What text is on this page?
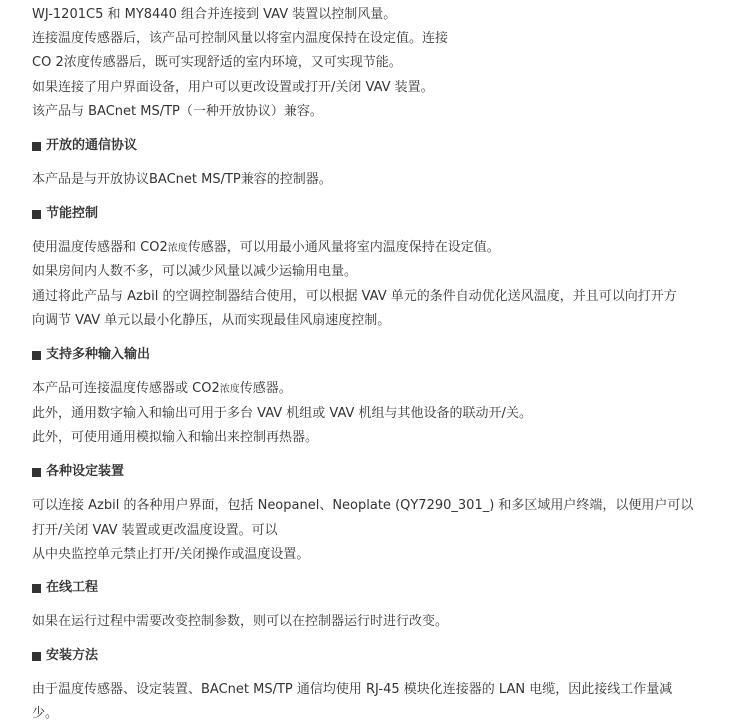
WJ-1201C5 和 MY8440 组合并连接到 VAV 装置以控制风量。

连接温度传感器后，该产品可控制风量以将室内温度保持在设定值。连接

CO 2浓度传感器后，既可实现舒适的室内环境，又可实现节能。

如果连接了用户界面设备，用户可以更改设置或打开/关闭 VAV 装置。

该产品与 BACnet MS/TP（一种开放协议）兼容。

开放的通信协议

本产品是与开放协议BACnet MS/TP兼容的控制器。

节能控制

使用温度传感器和 CO2浓度传感器，可以用最小通风量将室内温度保持在设定值。

如果房间内人数不多，可以减少风量以减少运输用电量。

通过将此产品与 Azbil 的空调控制器结合使用，可以根据 VAV 单元的条件自动优化送风温度，并且可以向打开方

向调节 VAV 单元以最小化静压，从而实现最佳风扇速度控制。

支持多种输入输出

本产品可连接温度传感器或 CO2浓度传感器。

此外，通用数字输入和输出可用于多台 VAV 机组或 VAV 机组与其他设备的联动开/关。

此外，可使用通用模拟输入和输出来控制再热器。

各种设定装置

可以连接 Azbil 的各种用户界面，包括 Neopanel、Neoplate (QY7290_301_) 和多区域用户终端，以便用户可以

打开/关闭 VAV 装置或更改温度设置。可以

从中央监控单元禁止打开/关闭操作或温度设置。

在线工程

如果在运行过程中需要改变控制参数，则可以在控制器运行时进行改变。

安装方法

由于温度传感器、设定装置、BACnet MS/TP 通信均使用 RJ-45 模块化连接器的 LAN 电缆，因此接线工作量减

少。
